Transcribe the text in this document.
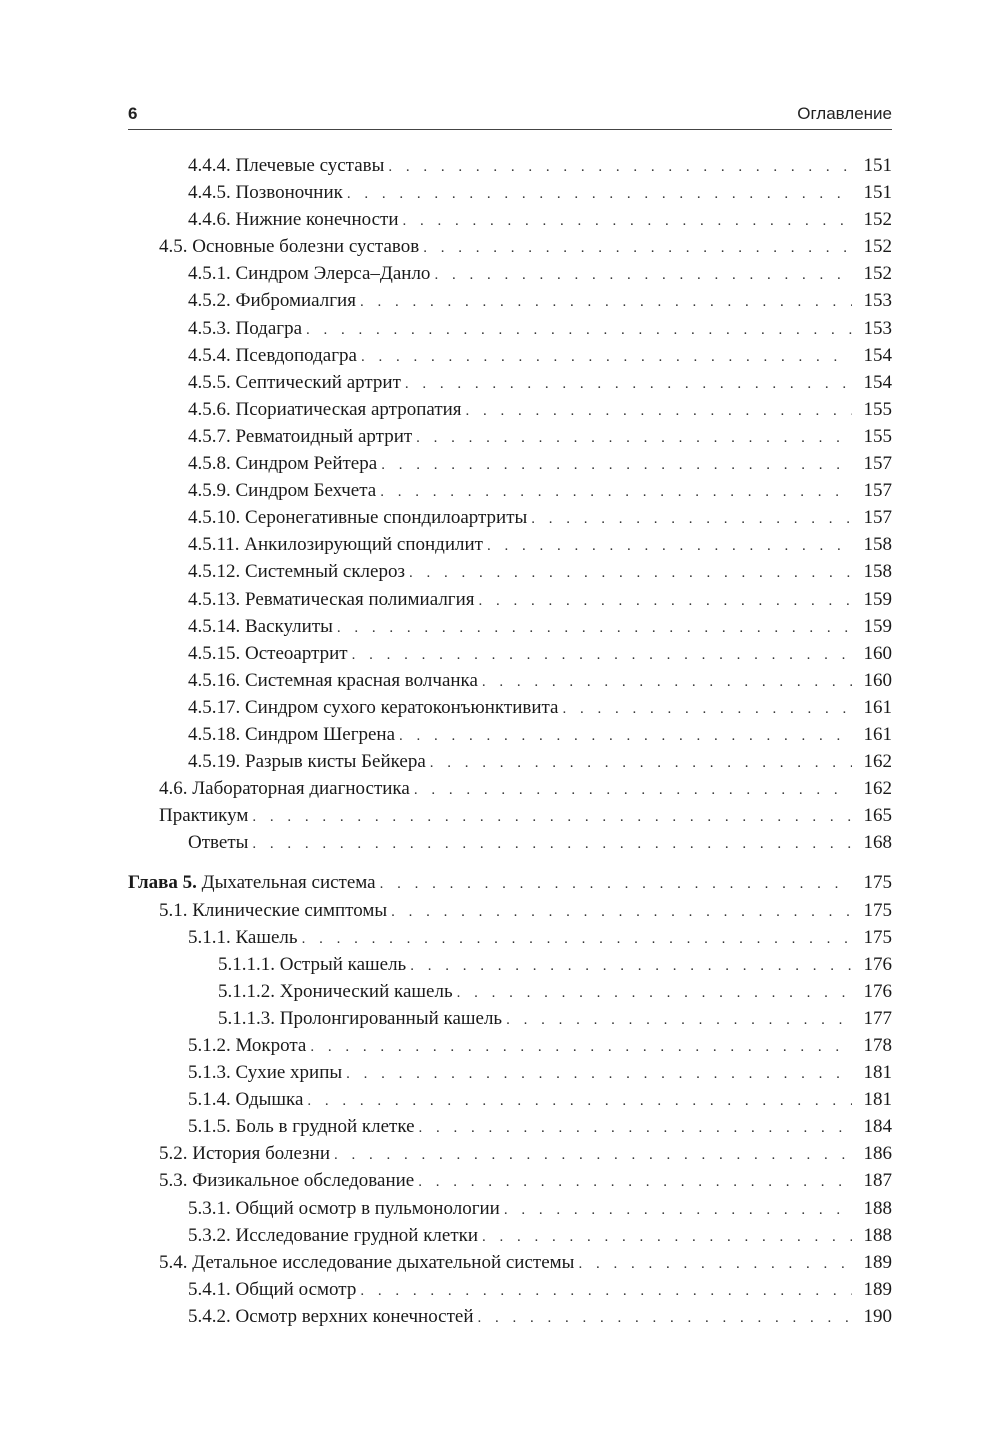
6	Оглавление
4.4.4. Плечевые суставы . . .	151
4.4.5. Позвоночник . . .	151
4.4.6. Нижние конечности . . .	152
4.5. Основные болезни суставов . . .	152
4.5.1. Синдром Элерса–Данло . . .	152
4.5.2. Фибромиалгия . . .	153
4.5.3. Подагра . . .	153
4.5.4. Псевдоподагра . . .	154
4.5.5. Септический артрит . . .	154
4.5.6. Псориатическая артропатия . . .	155
4.5.7. Ревматоидный артрит . . .	155
4.5.8. Синдром Рейтера . . .	157
4.5.9. Синдром Бехчета . . .	157
4.5.10. Серонегативные спондилоартриты . . .	157
4.5.11. Анкилозирующий спондилит . . .	158
4.5.12. Системный склероз . . .	158
4.5.13. Ревматическая полимиалгия . . .	159
4.5.14. Васкулиты . . .	159
4.5.15. Остеоартрит . . .	160
4.5.16. Системная красная волчанка . . .	160
4.5.17. Синдром сухого кератоконъюнктивита . . .	161
4.5.18. Синдром Шегрена . . .	161
4.5.19. Разрыв кисты Бейкера . . .	162
4.6. Лабораторная диагностика . . .	162
Практикум . . .	165
Ответы . . .	168
Глава 5. Дыхательная система . . .	175
5.1. Клинические симптомы . . .	175
5.1.1. Кашель . . .	175
5.1.1.1. Острый кашель . . .	176
5.1.1.2. Хронический кашель . . .	176
5.1.1.3. Пролонгированный кашель . . .	177
5.1.2. Мокрота . . .	178
5.1.3. Сухие хрипы . . .	181
5.1.4. Одышка . . .	181
5.1.5. Боль в грудной клетке . . .	184
5.2. История болезни . . .	186
5.3. Физикальное обследование . . .	187
5.3.1. Общий осмотр в пульмонологии . . .	188
5.3.2. Исследование грудной клетки . . .	188
5.4. Детальное исследование дыхательной системы . . .	189
5.4.1. Общий осмотр . . .	189
5.4.2. Осмотр верхних конечностей . . .	190
